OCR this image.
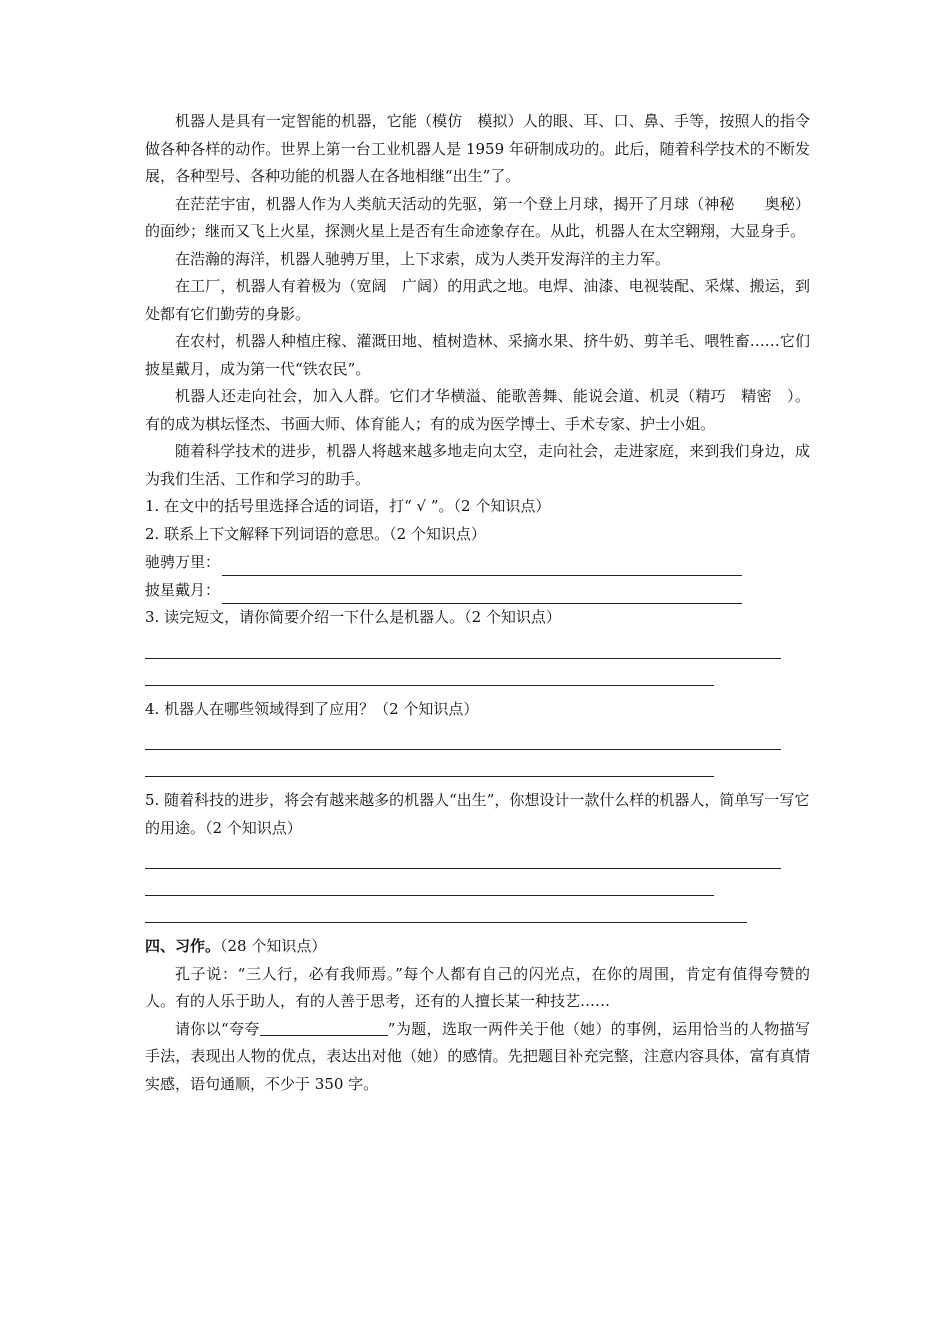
机器人是具有一定智能的机器，它能（模仿　模拟）人的眼、耳、口、鼻、手等，按照人的指令做各种各样的动作。世界上第一台工业机器人是 1959 年研制成功的。此后，随着科学技术的不断发展，各种型号、各种功能的机器人在各地相继“出生”了。

在茫茫宇宙，机器人作为人类航天活动的先驱，第一个登上月球，揭开了月球（神秘　　奥秘）的面纱；继而又飞上火星，探测火星上是否有生命迹象存在。从此，机器人在太空翱翔，大显身手。

在浩瀚的海洋，机器人驰骋万里，上下求索，成为人类开发海洋的主力军。

在工厂，机器人有着极为（宽阔　广阔）的用武之地。电焊、油漆、电视装配、采煤、搬运，到处都有它们勤劳的身影。

在农村，机器人种植庄稼、灌溉田地、植树造林、采摘水果、挤牛奶、剪羊毛、喂牲畜……它们披星戴月，成为第一代“铁农民”。

机器人还走向社会，加入人群。它们才华横溢、能歌善舞、能说会道、机灵（精巧　精密　）。有的成为棋坛怪杰、书画大师、体育能人；有的成为医学博士、手术专家、护士小姐。

随着科学技术的进步，机器人将越来越多地走向太空，走向社会，走进家庭，来到我们身边，成为我们生活、工作和学习的助手。

1. 在文中的括号里选择合适的词语，打“ √ ”。（2 个知识点）

2. 联系上下文解释下列词语的意思。（2 个知识点）

驰骋万里：
披星戴月：

3. 读完短文，请你简要介绍一下什么是机器人。（2 个知识点）

4. 机器人在哪些领域得到了应用？（2 个知识点）

5. 随着科技的进步，将会有越来越多的机器人“出生”，你想设计一款什么样的机器人，简单写一写它的用途。（2 个知识点）

四、习作。（28 个知识点）

孔子说：“三人行，必有我师焉。”每个人都有自己的闪光点，在你的周围，肯定有值得夸赞的人。有的人乐于助人，有的人善于思考，还有的人擅长某一种技艺……

请你以“夸夸	”为题，选取一两件关于他（她）的事例，运用恰当的人物描写手法，表现出人物的优点，表达出对他（她）的感情。先把题目补充完整，注意内容具体，富有真情实感，语句通顺，不少于 350 字。
